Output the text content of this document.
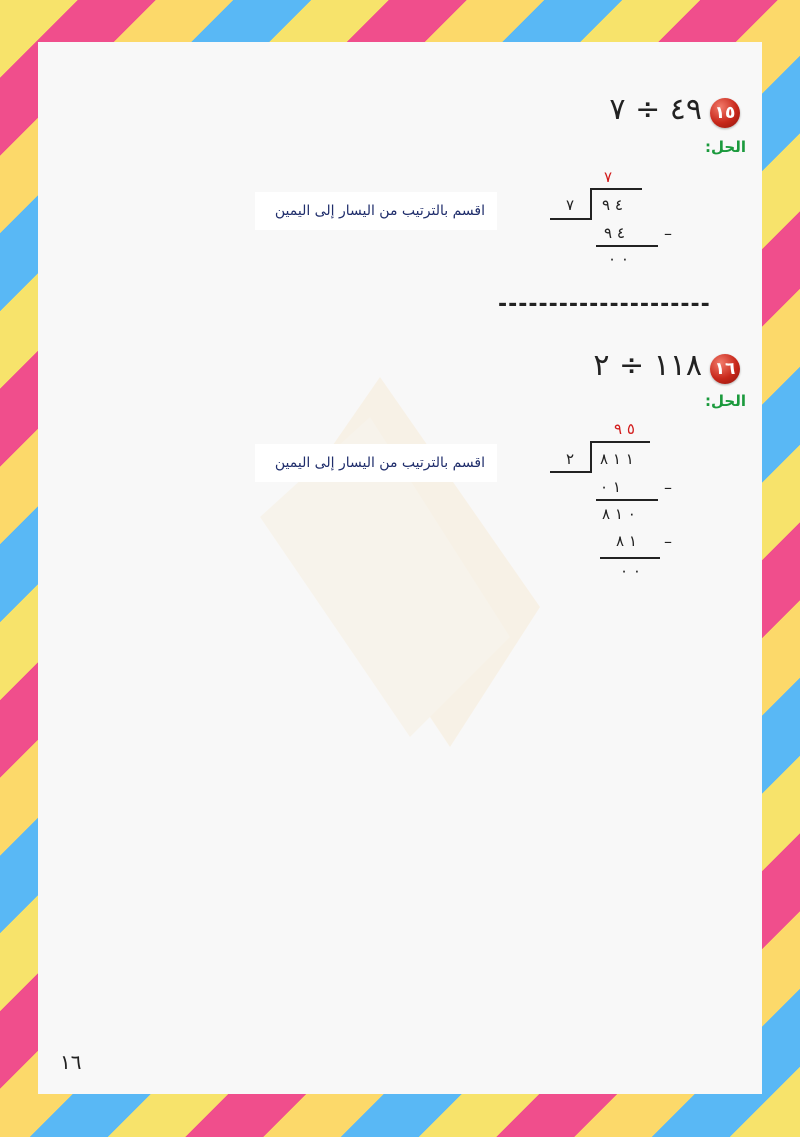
١٥
٤٩ ÷ ٧
الحل:
اقسم بالترتيب من اليسار إلى اليمين
٧
٧ ٤ ٩
–
٤ ٩
٠ ٠
---------------------
١٦
١١٨ ÷ ٢
الحل:
اقسم بالترتيب من اليسار إلى اليمين
٥ ٩
٢ ١ ١ ٨
–
١ ٠
٠ ١ ٨
–
١ ٨
٠ ٠
١٦
